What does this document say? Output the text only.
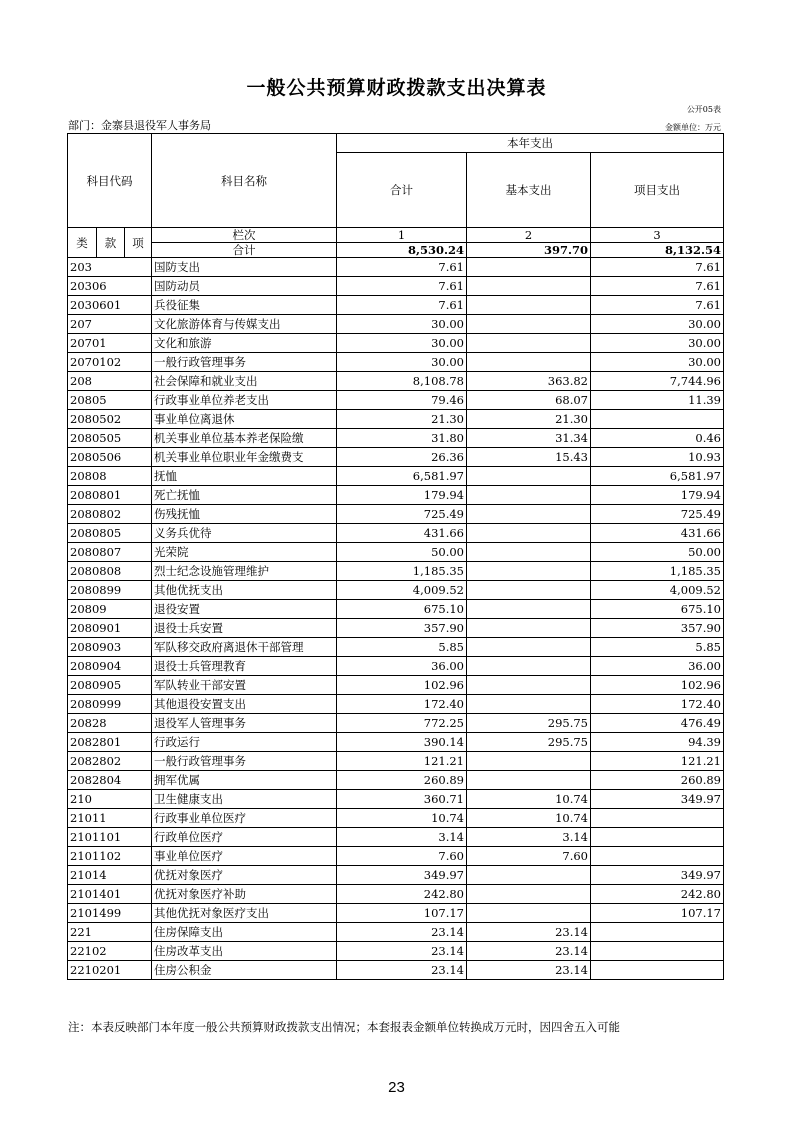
一般公共预算财政拨款支出决算表
公开05表
部门：金寨县退役军人事务局	金额单位：万元
科目代码			科目名称	本年支出			
				合计	基本支出	项目支出	

类	款	项	栏次	1	2	3	
			合计	8,530.24	397.70	8,132.54	
203			国防支出	7.61		7.61	
20306			国防动员	7.61		7.61	
2030601			兵役征集	7.61		7.61	
207			文化旅游体育与传媒支出	30.00		30.00	
20701			文化和旅游	30.00		30.00	
2070102			一般行政管理事务	30.00		30.00	
208			社会保障和就业支出	8,108.78	363.82	7,744.96	
20805			行政事业单位养老支出	79.46	68.07	11.39	
2080502			事业单位离退休	21.30	21.30		
2080505			机关事业单位基本养老保险缴	31.80	31.34	0.46	
2080506			机关事业单位职业年金缴费支	26.36	15.43	10.93	
20808			抚恤	6,581.97		6,581.97	
2080801			死亡抚恤	179.94		179.94	
2080802			伤残抚恤	725.49		725.49	
2080805			义务兵优待	431.66		431.66	
2080807			光荣院	50.00		50.00	
2080808			烈士纪念设施管理维护	1,185.35		1,185.35	
2080899			其他优抚支出	4,009.52		4,009.52	
20809			退役安置	675.10		675.10	
2080901			退役士兵安置	357.90		357.90	
2080903			军队移交政府离退休干部管理	5.85		5.85	
2080904			退役士兵管理教育	36.00		36.00	
2080905			军队转业干部安置	102.96		102.96	
2080999			其他退役安置支出	172.40		172.40	
20828			退役军人管理事务	772.25	295.75	476.49	
2082801			行政运行	390.14	295.75	94.39	
2082802			一般行政管理事务	121.21		121.21	
2082804			拥军优属	260.89		260.89	
210			卫生健康支出	360.71	10.74	349.97	
21011			行政事业单位医疗	10.74	10.74		
2101101			行政单位医疗	3.14	3.14		
2101102			事业单位医疗	7.60	7.60		
21014			优抚对象医疗	349.97		349.97	
2101401			优抚对象医疗补助	242.80		242.80	
2101499			其他优抚对象医疗支出	107.17		107.17	
221			住房保障支出	23.14	23.14		
22102			住房改革支出	23.14	23.14		
2210201			住房公积金	23.14	23.14		
注：本表反映部门本年度一般公共预算财政拨款支出情况；本套报表金额单位转换成万元时，因四舍五入可能
23
